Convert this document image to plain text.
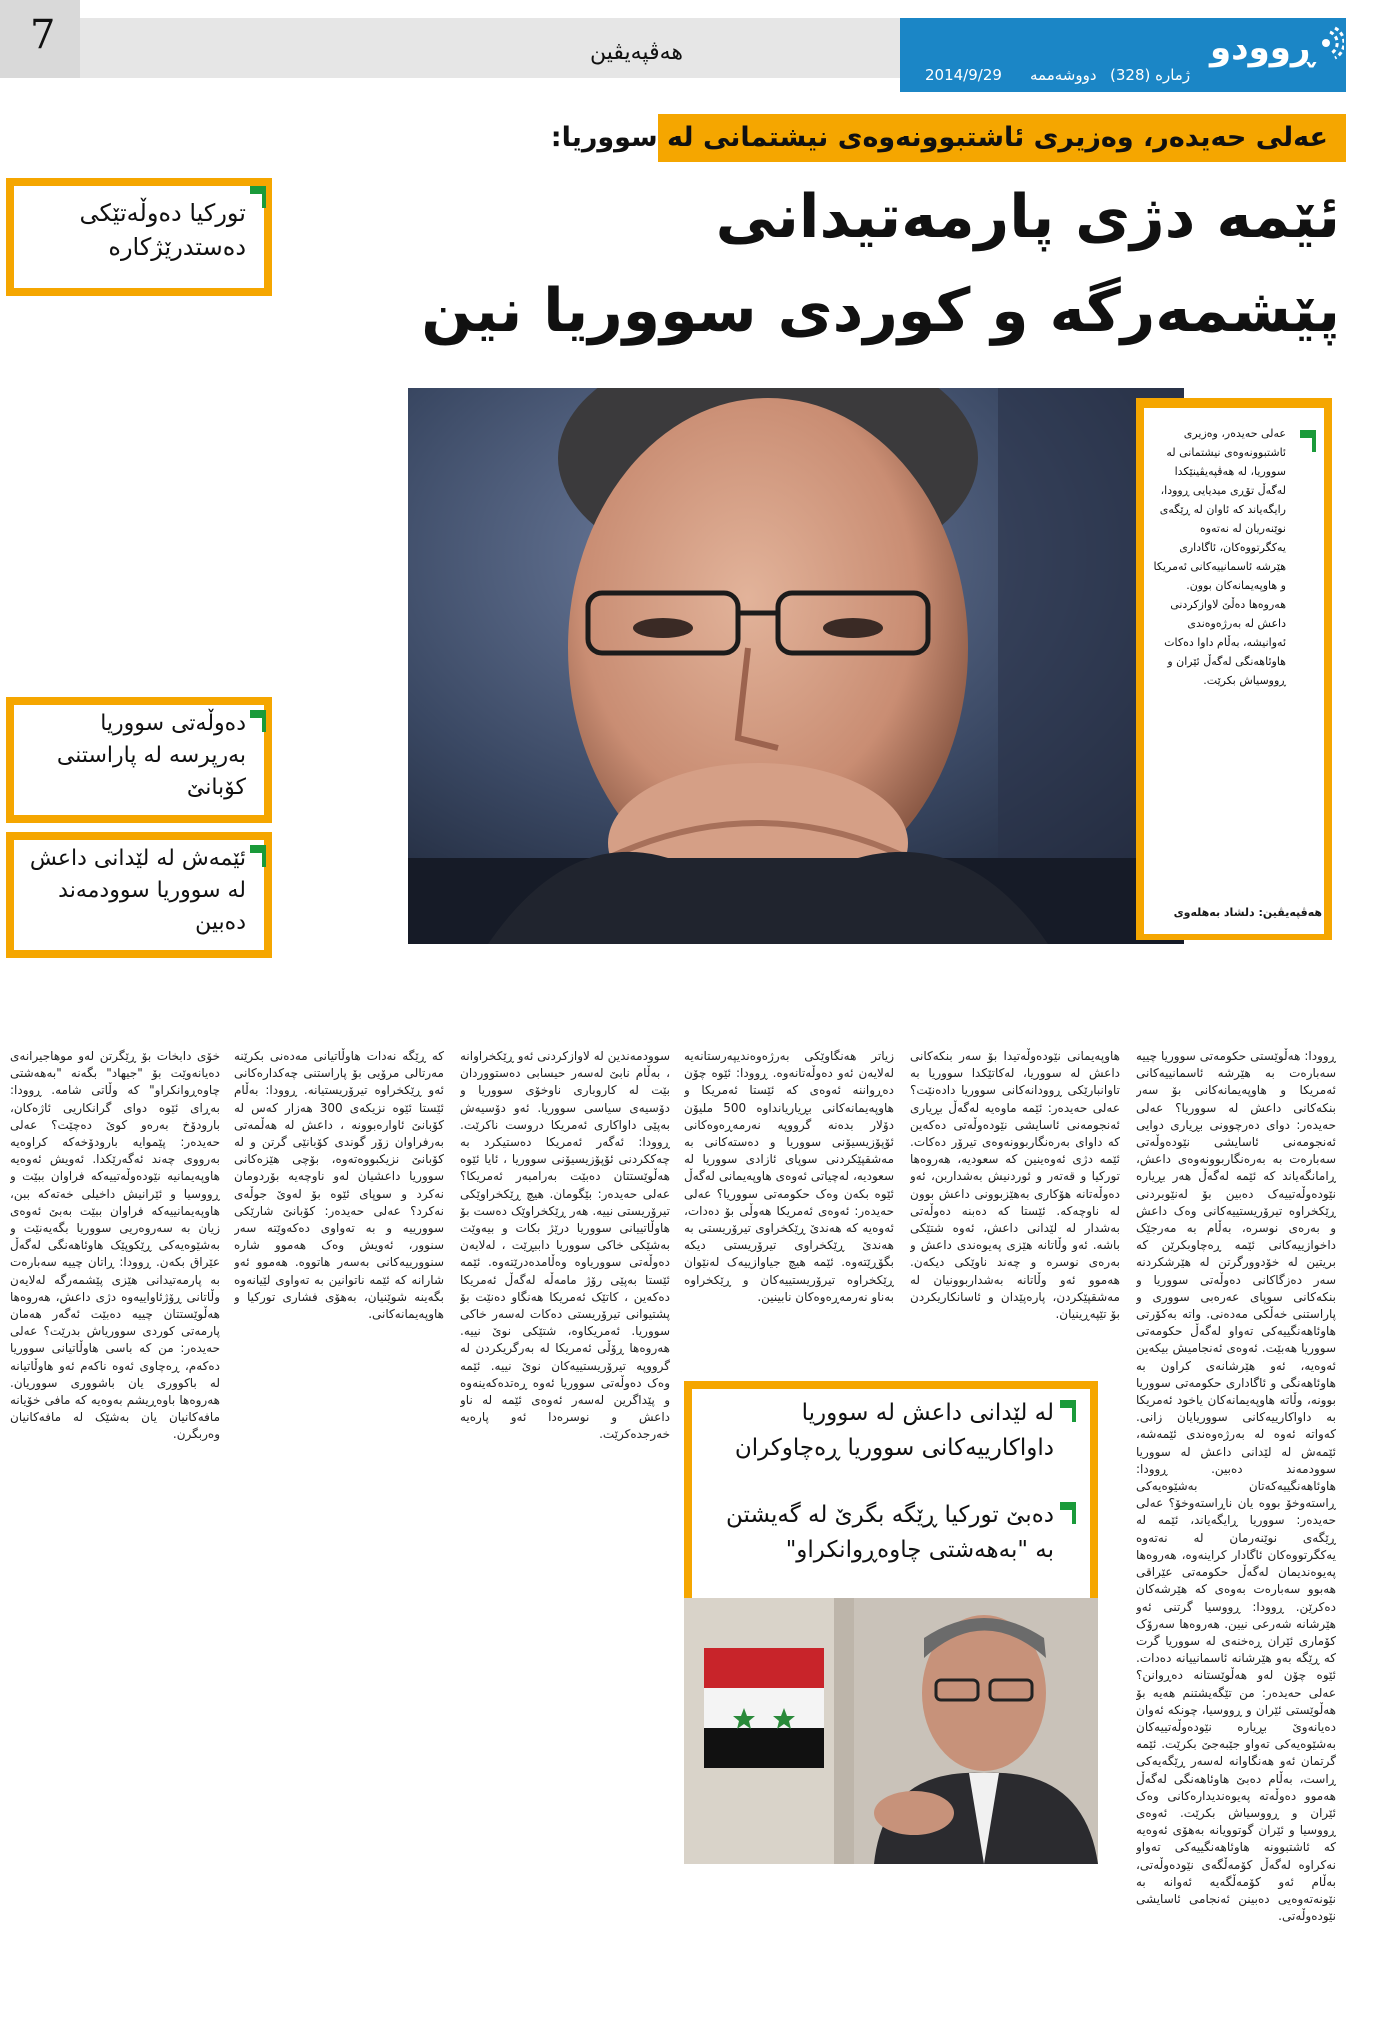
7	هەڤپەیڤین	ڕوودو
ژمارە (328)
دووشەممە
2014/9/29
عەلی حەیدەر، وەزیری ئاشتبوونەوەی نیشتمانی لە سووریا:
ئێمە دژی پارمەتیدانی
پێشمەرگە و کوردی سووریا نین
تورکیا دەوڵەتێکی دەستدرێژکارە
عەلی حەیدەر، وەزیری ئاشتبوونەوەی نیشتمانی لە سووریا، لە هەڤپەیڤینێکدا لەگەڵ تۆڕی میدیایی ڕوودا، رایگەیاند کە ئاوان لە ڕێگەی نوێنەریان لە نەتەوە یەکگرتووەکان، ئاگاداری هێرشە ئاسمانییەکانی ئەمریکا و هاوپەیمانەکان بوون. هەروەها دەڵێ لاوازکردنی داعش لە بەرژەوەندی ئەوانیشە، بەڵام داوا دەکات هاوئاهەنگی لەگەڵ ئێران و ڕووسیاش بکرێت.
هەڤپەیڤین: دلشاد بەهلەوی
دەوڵەتی سووریا بەرپرسە لە پاراستنی کۆبانێ
ئێمەش لە لێدانی داعش لە سووریا سوودمەند دەبین
ڕوودا: هەڵوێستی حکومەتی سووریا چییە سەبارەت بە هێرشە ئاسمانییەکانی ئەمریکا و هاوپەیمانەکانی بۆ سەر بنکەکانی داعش لە سووریا؟ عەلی حەیدەر: دوای دەرچوونی بڕیاری دوایی ئەنجومەنی ئاسایشی نێودەوڵەتی سەبارەت بە بەرەنگاربوونەوەی داعش، ڕامانگەیاند کە ئێمە لەگەڵ هەر بڕیارە نێودەوڵەتییەک دەبین بۆ لەنێوبردنی ڕێکخراوە تیرۆریستییەکانی وەک داعش و بەرەی نوسرە، بەڵام بە مەرجێک داخوازییەکانی ئێمە ڕەچاوبکرێن کە بریتین لە خۆدوورگرتن لە هێرشکردنە سەر دەزگاکانی دەوڵەتی سووریا و بنکەکانی سوپای عەرەبی سووری و پاراستنی خەڵکی مەدەنی. واتە بەکۆرتی هاوئاهەنگییەکی تەواو لەگەڵ حکومەتی سووریا هەبێت. ئەوەی ئەنجامیش بیکەین ئەوەیە، ئەو هێرشانەی کراون بە هاوئاهەنگی و ئاگاداری حکومەتی سووریا بوونە، وڵاتە هاوپەیمانەکان یاخود ئەمریکا بە داواکارییەکانی سووریایان زانی. کەواتە ئەوە لە بەرژەوەندی ئێمەشە، ئێمەش لە لێدانی داعش لە سووریا سوودمەند دەبین. ڕوودا: هاوئاهەنگییەکەتان بەشێوەیەکی ڕاستەوخۆ بووە یان ناڕاستەوخۆ؟ عەلی حەیدەر: سووریا ڕایگەیاند، ئێمە لە ڕێگەی نوێنەرمان لە نەتەوە یەکگرتووەکان ئاگادار کراینەوە، هەروەها پەیوەندیمان لەگەڵ حکومەتی عێراقی هەبوو سەبارەت بەوەی کە هێرشەکان دەکرێن. ڕوودا: ڕووسیا گرتنی ئەو هێرشانە شەرعی نیین. هەروەها سەرۆک کۆماری ئێران ڕەخنەی لە سووریا گرت کە ڕێگە بەو هێرشانە ئاسمانییانە دەدات. ئێوە چۆن لەو هەڵوێستانە دەڕوانن؟ عەلی حەیدەر: من تێگەیشتنم هەیە بۆ هەڵوێستی ئێران و ڕووسیا، چونکە ئەوان دەیانەوێ بڕیارە نێودەوڵەتییەکان بەشێوەیەکی تەواو جێبەجێ بکرێت. ئێمە گرتمان ئەو هەنگاوانە لەسەر ڕێگەیەکی ڕاست، بەڵام دەبێ هاوئاهەنگی لەگەڵ هەموو دەوڵەتە پەیوەندیدارەکانی وەک ئێران و ڕووسیاش بکرێت. ئەوەی ڕووسیا و ئێران گوتوویانە بەهۆی ئەوەیە کە ئاشتبوونە هاوئاهەنگییەکی تەواو نەکراوە لەگەڵ کۆمەڵگەی نێودەوڵەتی، بەڵام ئەو کۆمەڵگەیە ئەوانە بە نێونەتەوەیی دەبینن ئەنجامی ئاسایشی نێودەوڵەتی.
هاوپەیمانی نێودەوڵەتیدا بۆ سەر بنکەکانی داعش لە سووریا، لەکاتێکدا سووریا بە تاوانبارێکی ڕوودانەکانی سووریا دادەنێت؟ عەلی حەیدەر: ئێمە ماوەیە لەگەڵ بڕیاری ئەنجومەنی ئاسایشی نێودەوڵەتی دەکەین کە داوای بەرەنگاربوونەوەی تیرۆر دەکات. ئێمە دژی ئەوەینین کە سعودیە، هەروەها تورکیا و قەتەر و ئوردنیش بەشداربن، ئەو دەوڵەتانە هۆکاری بەهێزبوونی داعش بوون لە ناوچەکە. ئێستا کە دەبنە دەوڵەتی بەشدار لە لێدانی داعش، ئەوە شتێکی باشە. ئەو وڵاتانە هێزی پەیوەندی داعش و بەرەی نوسرە و چەند ناوێکی دیکەن. هەموو ئەو وڵاتانە بەشداربوونیان لە مەشقپێکردن، پارەپێدان و ئاسانکاریکردن بۆ تێپەڕینیان.
زیاتر هەنگاوێکی بەرژەوەندیپەرستانەیە لەلایەن ئەو دەوڵەتانەوە. ڕوودا: ئێوە چۆن دەڕواننە ئەوەی کە ئێستا ئەمریکا و هاوپەیمانەکانی بڕیاریانداوە 500 ملیۆن دۆلار بدەنە گرووپە نەرمەڕەوەکانی ئۆپۆزیسیۆنی سووریا و دەستەکانی بە مەشقپێکردنی سوپای ئازادی سووریا لە سعودیە، لەچیاتی ئەوەی هاوپەیمانی لەگەڵ ئێوە بکەن وەک حکومەتی سووریا؟ عەلی حەیدەر: ئەوەی ئەمریکا هەوڵی بۆ دەدات، ئەوەیە کە هەندێ ڕێکخراوی تیرۆریستی بە هەندێ ڕێکخراوی تیرۆریستی دیکە بگۆڕێتەوە. ئێمە هیچ جیاوازییەک لەنێوان ڕێکخراوە تیرۆریستییەکان و ڕێکخراوە بەناو نەرمەڕەوەکان نابینین.
سوودمەندین لە لاوازکردنی ئەو ڕێکخراوانە ، بەڵام نابێ لەسەر حیسابی دەستووردان بێت لە کاروباری ناوخۆی سووریا و دۆسیەی سیاسی سووریا. ئەو دۆسیەش بەپێی داواکاری ئەمریکا دروست ناکرێت. ڕوودا: ئەگەر ئەمریکا دەستیکرد بە چەککردنی ئۆپۆزیسیۆنی سووریا ، ئایا ئێوە هەڵوێستتان دەبێت بەرامبەر ئەمریکا؟ عەلی حەیدەر: بێگومان. هیچ ڕێکخراوێکی تیرۆریستی نییە. هەر ڕێکخراوێک دەست بۆ هاوڵاتییانی سووریا درێژ بکات و بیەوێت بەشێکی خاکی سووریا داببڕێت ، لەلایەن دەوڵەتی سووریاوە وەڵامدەدرێتەوە. ئێمە ئێستا بەپێی رۆژ مامەڵە لەگەڵ ئەمریکا دەکەین ، کاتێک ئەمریکا هەنگاو دەنێت بۆ پشتیوانی تیرۆریستی دەکات لەسەر خاکی سووریا. ئەمریکاوە، شتێکی نوێ نییە. هەروەها ڕۆڵی ئەمریکا لە بەرگریکردن لە گرووپە تیرۆریستییەکان نوێ نییە. ئێمە وەک دەوڵەتی سووریا ئەوە ڕەتدەکەینەوە و پێداگرین لەسەر ئەوەی ئێمە لە ناو داعش و نوسرەدا ئەو پارەیە خەرجدەکرێت.
کە ڕێگە نەدات هاوڵاتیانی مەدەنی بکرێنە مەرتالی مرۆیی بۆ پاراستنی چەکدارەکانی ئەو ڕێکخراوە تیرۆریستیانە. ڕوودا: بەڵام ئێستا ئێوە نزیکەی 300 هەزار کەس لە کۆبانێ ئاوارەبوونە ، داعش لە هەڵمەتی بەرفراوان زۆر گوندی کۆبانێی گرتن و لە کۆبانێ نزیکبووەتەوە، بۆچی هێزەکانی سووریا داعشیان لەو ناوچەیە بۆردومان نەکرد و سوپای ئێوە بۆ لەوێ جوڵەی نەکرد؟ عەلی حەیدەر: کۆبانێ شارێکی سوورییە و بە تەواوی دەکەوێتە سەر سنوور، ئەویش وەک هەموو شارە سنوورییەکانی بەسەر هاتووە. هەموو ئەو شارانە کە ئێمە ناتوانین بە تەواوی لێیانەوە بگەینە شوێنیان، بەهۆی فشاری تورکیا و هاوپەیمانەکانی.
خۆی دابخات بۆ ڕێگرتن لەو موهاجیرانەی دەیانەوێت بۆ "جیهاد" بگەنە "بەهەشتی چاوەڕوانکراو" کە وڵاتی شامە. ڕوودا: بەڕای ئێوە دوای گرانکاریی ئاژەکان، بارودۆخ بەرەو کوێ دەچێت؟ عەلی حەیدەر: پێموایە بارودۆخەکە کراوەیە بەرووی چەند ئەگەرێکدا. ئەویش ئەوەیە هاوپەیمانیە نێودەوڵەتییەکە فراوان ببێت و ڕووسیا و ئێرانیش داخیلی خەتەکە ببن، هاوپەیمانییەکە فراوان ببێت بەبێ ئەوەی زیان بە سەروەریی سووریا بگەیەنێت و بەشێوەیەکی ڕێکوپێک هاوئاهەنگی لەگەڵ عێراق بکەن. ڕوودا: ڕاتان چییە سەبارەت بە پارمەتیدانی هێزی پێشمەرگە لەلایەن وڵاتانی ڕۆژئاواییەوە دژی داعش، هەروەها هەڵوێستتان چییە دەبێت ئەگەر هەمان پارمەتی کوردی سووریاش بدرێت؟ عەلی حەیدەر: من کە باسی هاوڵاتیانی سووریا دەکەم، ڕەچاوی ئەوە ناکەم ئەو هاوڵاتیانە لە باکووری یان باشووری سووریان. هەروەها باوەڕیشم بەوەیە کە مافی خۆیانە مافەکانیان یان بەشێک لە مافەکانیان وەربگرن.
لە لێدانی داعش لە سووریا داواکارییەکانی سووریا ڕەچاوکران
دەبێ تورکیا ڕێگە بگرێ لە گەیشتن بە "بەهەشتی چاوەڕوانکراو"
